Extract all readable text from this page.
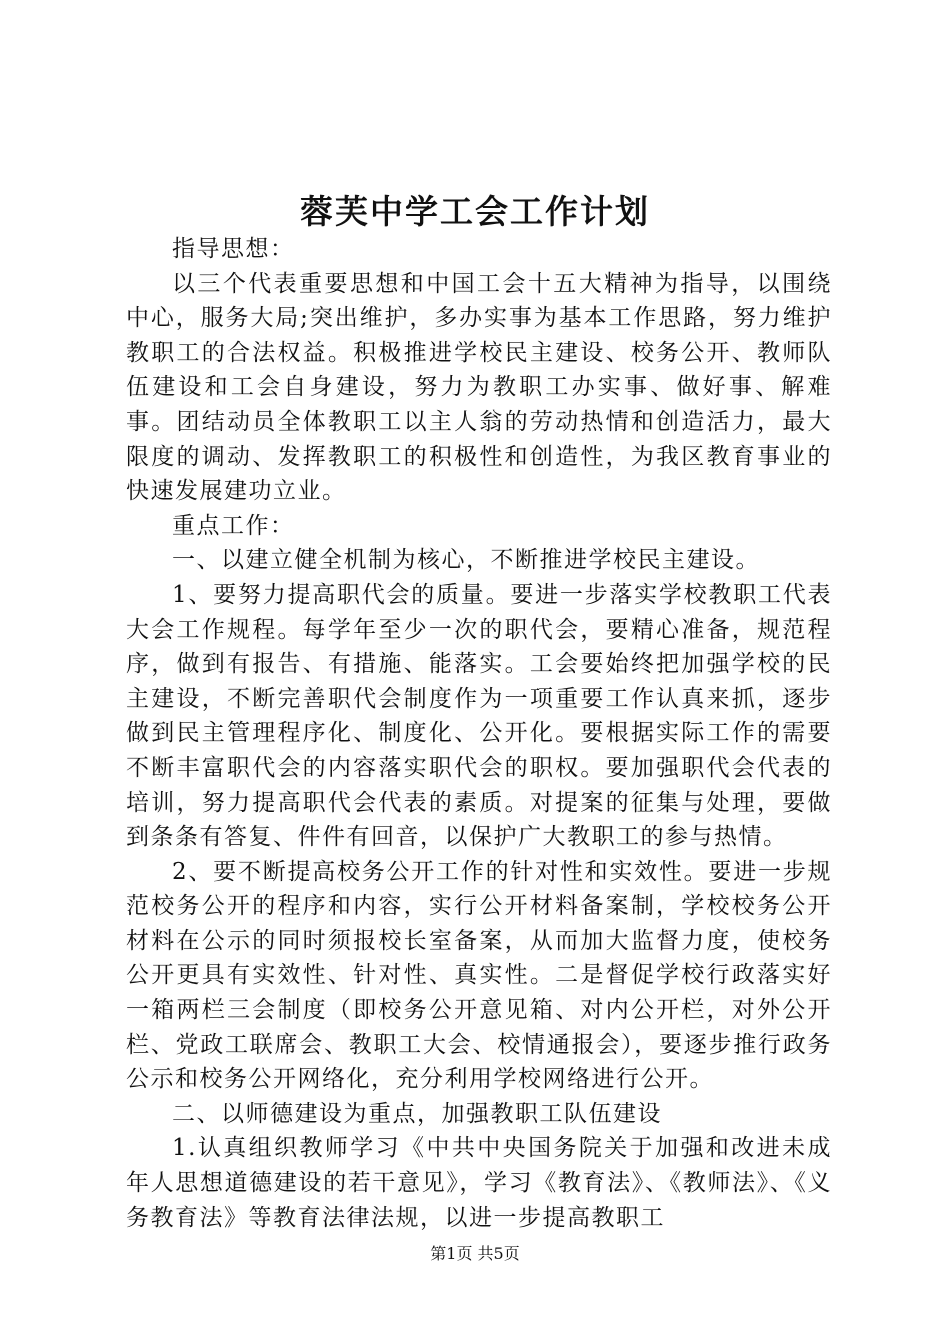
蓉芙中学工会工作计划

指导思想：

以三个代表重要思想和中国工会十五大精神为指导，以围绕中心，服务大局;突出维护，多办实事为基本工作思路，努力维护教职工的合法权益。积极推进学校民主建设、校务公开、教师队伍建设和工会自身建设，努力为教职工办实事、做好事、解难事。团结动员全体教职工以主人翁的劳动热情和创造活力，最大限度的调动、发挥教职工的积极性和创造性，为我区教育事业的快速发展建功立业。

重点工作：

一、以建立健全机制为核心，不断推进学校民主建设。

1、要努力提高职代会的质量。要进一步落实学校教职工代表大会工作规程。每学年至少一次的职代会，要精心准备，规范程序，做到有报告、有措施、能落实。工会要始终把加强学校的民主建设，不断完善职代会制度作为一项重要工作认真来抓，逐步做到民主管理程序化、制度化、公开化。要根据实际工作的需要不断丰富职代会的内容落实职代会的职权。要加强职代会代表的培训，努力提高职代会代表的素质。对提案的征集与处理，要做到条条有答复、件件有回音，以保护广大教职工的参与热情。

2、要不断提高校务公开工作的针对性和实效性。要进一步规范校务公开的程序和内容，实行公开材料备案制，学校校务公开材料在公示的同时须报校长室备案，从而加大监督力度，使校务公开更具有实效性、针对性、真实性。二是督促学校行政落实好一箱两栏三会制度（即校务公开意见箱、对内公开栏，对外公开栏、党政工联席会、教职工大会、校情通报会），要逐步推行政务公示和校务公开网络化，充分利用学校网络进行公开。

二、以师德建设为重点，加强教职工队伍建设

1.认真组织教师学习《中共中央国务院关于加强和改进未成年人思想道德建设的若干意见》，学习《教育法》、《教师法》、《义务教育法》等教育法律法规，以进一步提高教职工

第1页 共5页
